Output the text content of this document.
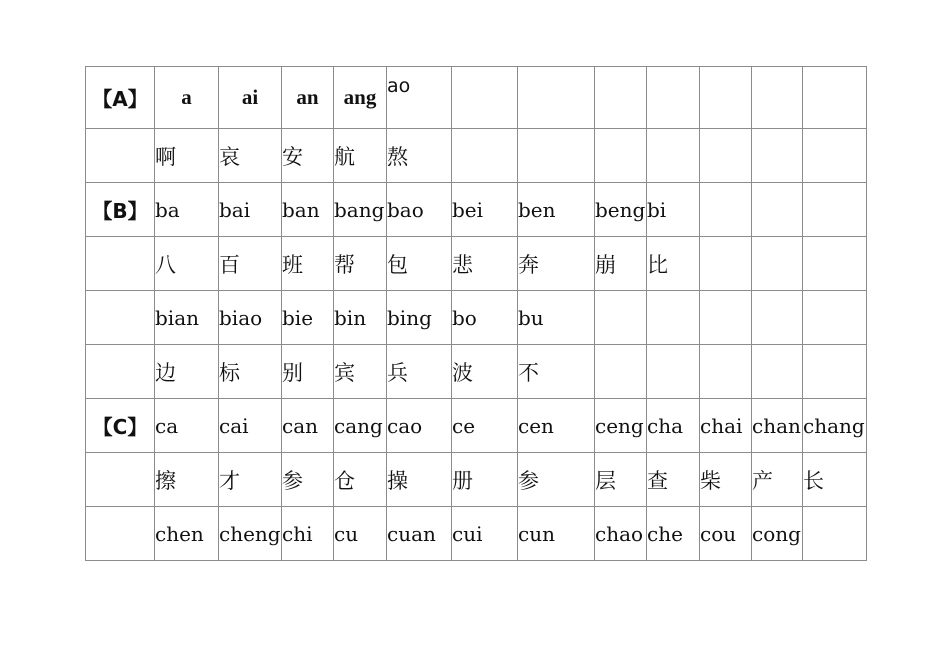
【A】	a	ai	an	ang	ao							
	啊	哀	安	航	熬							
【B】	ba	bai	ban	bang	bao	bei	ben	beng	bi			
	八	百	班	帮	包	悲	奔	崩	比			
	bian	biao	bie	bin	bing	bo	bu					
	边	标	别	宾	兵	波	不					
【C】	ca	cai	can	cang	cao	ce	cen	ceng	cha	chai	chan	chang
	擦	才	参	仓	操	册	参	层	查	柴	产	长
	chen	cheng	chi	cu	cuan	cui	cun	chao	che	cou	cong	
